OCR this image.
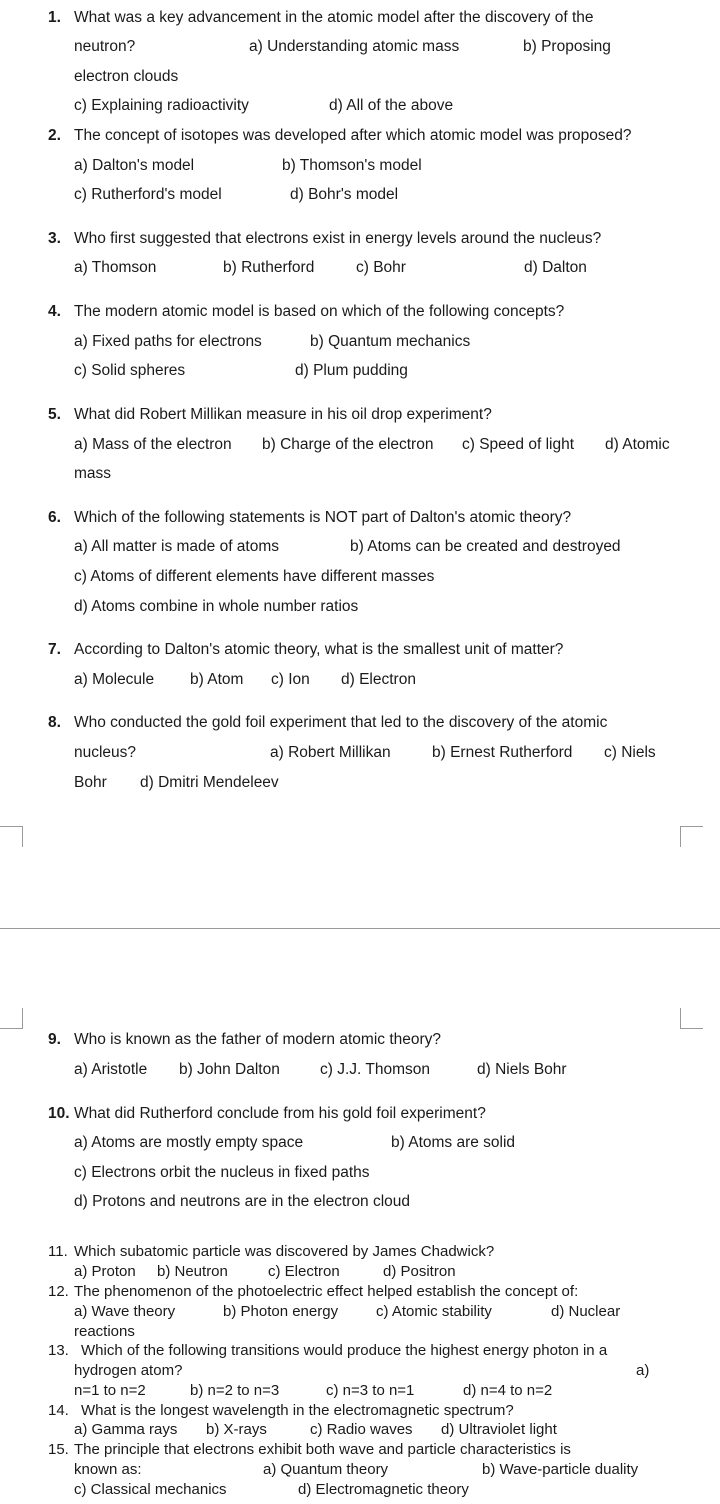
1. What was a key advancement in the atomic model after the discovery of the
neutron?	a) Understanding atomic mass	b) Proposing
electron clouds
c) Explaining radioactivity	d) All of the above
2. The concept of isotopes was developed after which atomic model was proposed?
a) Dalton's model	b) Thomson's model
c) Rutherford's model	d) Bohr's model
3. Who first suggested that electrons exist in energy levels around the nucleus?
a) Thomson	b) Rutherford	c) Bohr	d) Dalton
4. The modern atomic model is based on which of the following concepts?
a) Fixed paths for electrons	b) Quantum mechanics
c) Solid spheres	d) Plum pudding
5. What did Robert Millikan measure in his oil drop experiment?
a) Mass of the electron b) Charge of the electron c) Speed of light d) Atomic
mass
6. Which of the following statements is NOT part of Dalton's atomic theory?
a) All matter is made of atoms	b) Atoms can be created and destroyed
c) Atoms of different elements have different masses
d) Atoms combine in whole number ratios
7. According to Dalton's atomic theory, what is the smallest unit of matter?
a) Molecule b) Atom c) Ion d) Electron
8. Who conducted the gold foil experiment that led to the discovery of the atomic
nucleus?	a) Robert Millikan	b) Ernest Rutherford c) Niels
Bohr d) Dmitri Mendeleev
9. Who is known as the father of modern atomic theory?
a) Aristotle b) John Dalton	c) J.J. Thomson	d) Niels Bohr
10. What did Rutherford conclude from his gold foil experiment?
a) Atoms are mostly empty space	b) Atoms are solid
c) Electrons orbit the nucleus in fixed paths
d) Protons and neutrons are in the electron cloud
11. Which subatomic particle was discovered by James Chadwick?
a) Proton b) Neutron	c) Electron	d) Positron
12. The phenomenon of the photoelectric effect helped establish the concept of:
a) Wave theory	b) Photon energy	c) Atomic stability	d) Nuclear
reactions
13. Which of the following transitions would produce the highest energy photon in a
hydrogen atom?	a)
n=1 to n=2	b) n=2 to n=3	c) n=3 to n=1	d) n=4 to n=2
14. What is the longest wavelength in the electromagnetic spectrum?
a) Gamma rays b) X-rays	c) Radio waves d) Ultraviolet light
15. The principle that electrons exhibit both wave and particle characteristics is
known as:	a) Quantum theory	b) Wave-particle duality
c) Classical mechanics	d) Electromagnetic theory
